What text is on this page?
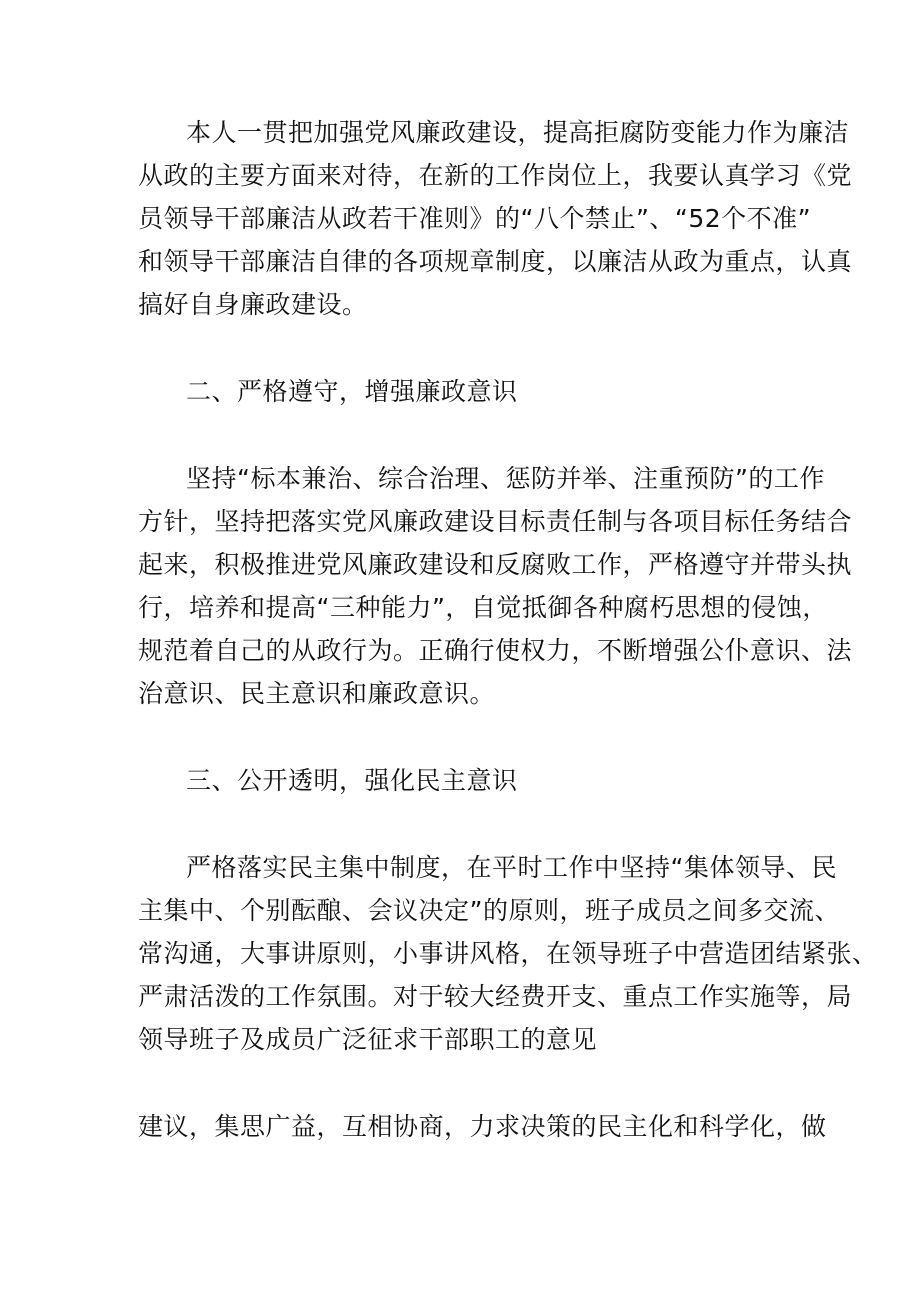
本人一贯把加强党风廉政建设，提高拒腐防变能力作为廉洁
从政的主要方面来对待，在新的工作岗位上，我要认真学习《党
员领导干部廉洁从政若干准则》的“八个禁止”、“52个不准”
和领导干部廉洁自律的各项规章制度，以廉洁从政为重点，认真
搞好自身廉政建设。
二、严格遵守，增强廉政意识
坚持“标本兼治、综合治理、惩防并举、注重预防”的工作
方针，坚持把落实党风廉政建设目标责任制与各项目标任务结合
起来，积极推进党风廉政建设和反腐败工作，严格遵守并带头执
行，培养和提高“三种能力”，自觉抵御各种腐朽思想的侵蚀，
规范着自己的从政行为。正确行使权力，不断增强公仆意识、法
治意识、民主意识和廉政意识。
三、公开透明，强化民主意识
严格落实民主集中制度，在平时工作中坚持“集体领导、民
主集中、个别酝酿、会议决定”的原则，班子成员之间多交流、
常沟通，大事讲原则，小事讲风格，在领导班子中营造团结紧张、
严肃活泼的工作氛围。对于较大经费开支、重点工作实施等，局
领导班子及成员广泛征求干部职工的意见
建议，集思广益，互相协商，力求决策的民主化和科学化，做
